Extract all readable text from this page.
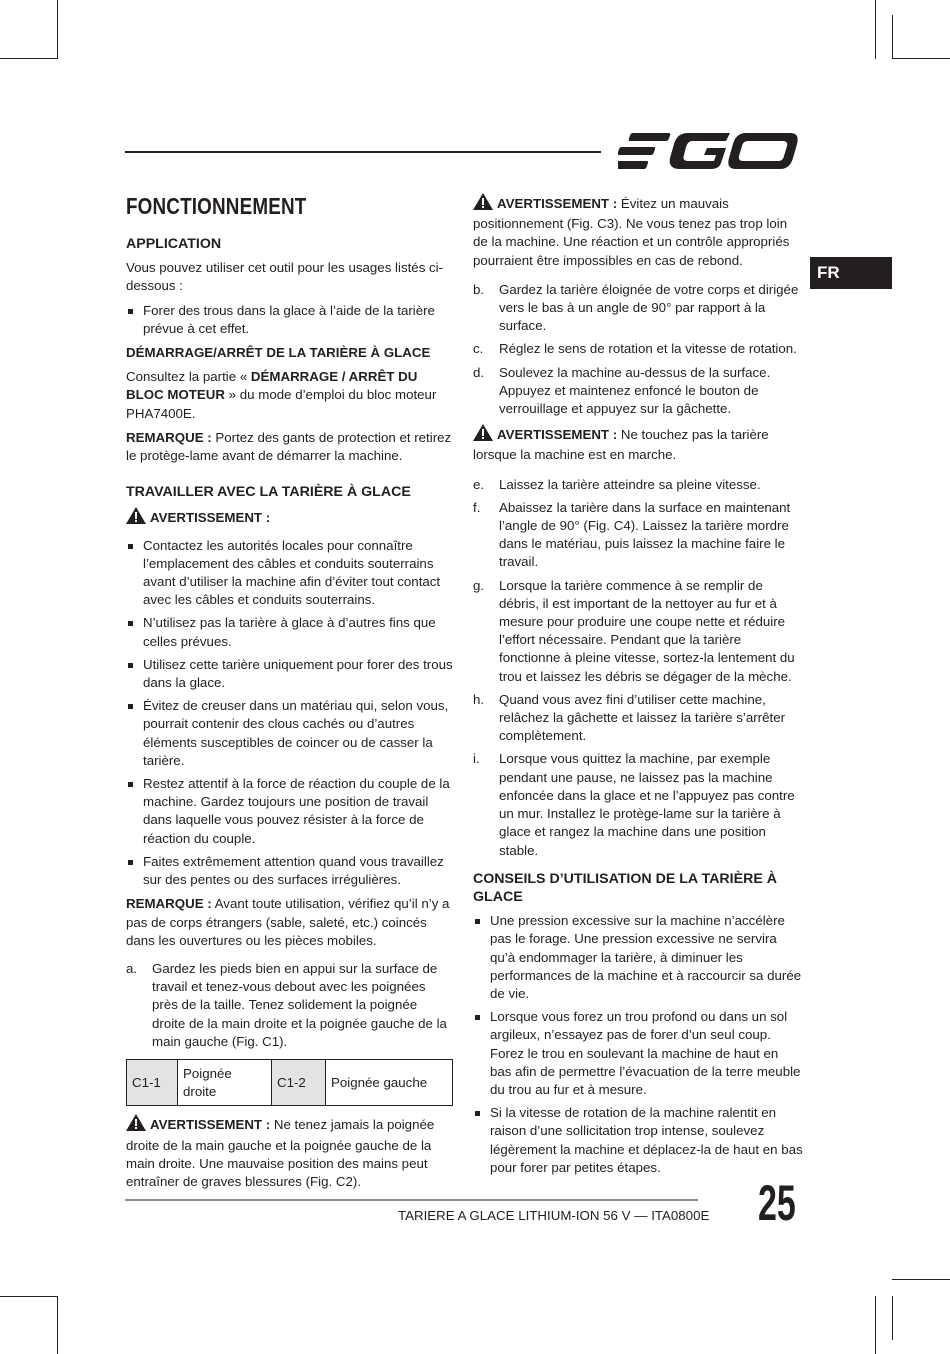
FR
FONCTIONNEMENT
APPLICATION

Vous pouvez utiliser cet outil pour les usages listés ci-dessous :

Forer des trous dans la glace à l’aide de la tarière prévue à cet effet.
DÉMARRAGE/ARRÊT DE LA TARIÈRE À GLACE

Consultez la partie « DÉMARRAGE / ARRÊT DU BLOC MOTEUR » du mode d’emploi du bloc moteur PHA7400E.

REMARQUE : Portez des gants de protection et retirez le protège-lame avant de démarrer la machine.

TRAVAILLER AVEC LA TARIÈRE À GLACE

AVERTISSEMENT :

Contactez les autorités locales pour connaître l’emplacement des câbles et conduits souterrains avant d’utiliser la machine afin d’éviter tout contact avec les câbles et conduits souterrains.
N’utilisez pas la tarière à glace à d’autres fins que celles prévues.
Utilisez cette tarière uniquement pour forer des trous dans la glace.
Évitez de creuser dans un matériau qui, selon vous, pourrait contenir des clous cachés ou d’autres éléments susceptibles de coincer ou de casser la tarière.
Restez attentif à la force de réaction du couple de la machine. Gardez toujours une position de travail dans laquelle vous pouvez résister à la force de réaction du couple.
Faites extrêmement attention quand vous travaillez sur des pentes ou des surfaces irrégulières.

REMARQUE : Avant toute utilisation, vérifiez qu’il n’y a pas de corps étrangers (sable, saleté, etc.) coincés dans les ouvertures ou les pièces mobiles.

a. Gardez les pieds bien en appui sur la surface de travail et tenez-vous debout avec les poignées près de la taille. Tenez solidement la poignée droite de la main droite et la poignée gauche de la main gauche (Fig. C1).
C1-1	Poignée droite	C1-2	Poignée gauche

AVERTISSEMENT : Ne tenez jamais la poignée droite de la main gauche et la poignée gauche de la main droite. Une mauvaise position des mains peut entraîner de graves blessures (Fig. C2).

AVERTISSEMENT : Évitez un mauvais positionnement (Fig. C3). Ne vous tenez pas trop loin de la machine. Une réaction et un contrôle appropriés pourraient être impossibles en cas de rebond.

b. Gardez la tarière éloignée de votre corps et dirigée vers le bas à un angle de 90° par rapport à la surface.
c. Réglez le sens de rotation et la vitesse de rotation.
d. Soulevez la machine au-dessus de la surface. Appuyez et maintenez enfoncé le bouton de verrouillage et appuyez sur la gâchette.

AVERTISSEMENT : Ne touchez pas la tarière lorsque la machine est en marche.

e. Laissez la tarière atteindre sa pleine vitesse.
f. Abaissez la tarière dans la surface en maintenant l’angle de 90° (Fig. C4). Laissez la tarière mordre dans le matériau, puis laissez la machine faire le travail.
g. Lorsque la tarière commence à se remplir de débris, il est important de la nettoyer au fur et à mesure pour produire une coupe nette et réduire l’effort nécessaire. Pendant que la tarière fonctionne à pleine vitesse, sortez-la lentement du trou et laissez les débris se dégager de la mèche.
h. Quand vous avez fini d’utiliser cette machine, relâchez la gâchette et laissez la tarière s’arrêter complètement.
i. Lorsque vous quittez la machine, par exemple pendant une pause, ne laissez pas la machine enfoncée dans la glace et ne l’appuyez pas contre un mur. Installez le protège-lame sur la tarière à glace et rangez la machine dans une position stable.
CONSEILS D’UTILISATION DE LA TARIÈRE À GLACE
Une pression excessive sur la machine n’accélère pas le forage. Une pression excessive ne servira qu’à endommager la tarière, à diminuer les performances de la machine et à raccourcir sa durée de vie.
Lorsque vous forez un trou profond ou dans un sol argileux, n’essayez pas de forer d’un seul coup. Forez le trou en soulevant la machine de haut en bas afin de permettre l’évacuation de la terre meuble du trou au fur et à mesure.
Si la vitesse de rotation de la machine ralentit en raison d’une sollicitation trop intense, soulevez légèrement la machine et déplacez-la de haut en bas pour forer par petites étapes.
TARIERE A GLACE LITHIUM-ION 56 V — ITA0800E 25
